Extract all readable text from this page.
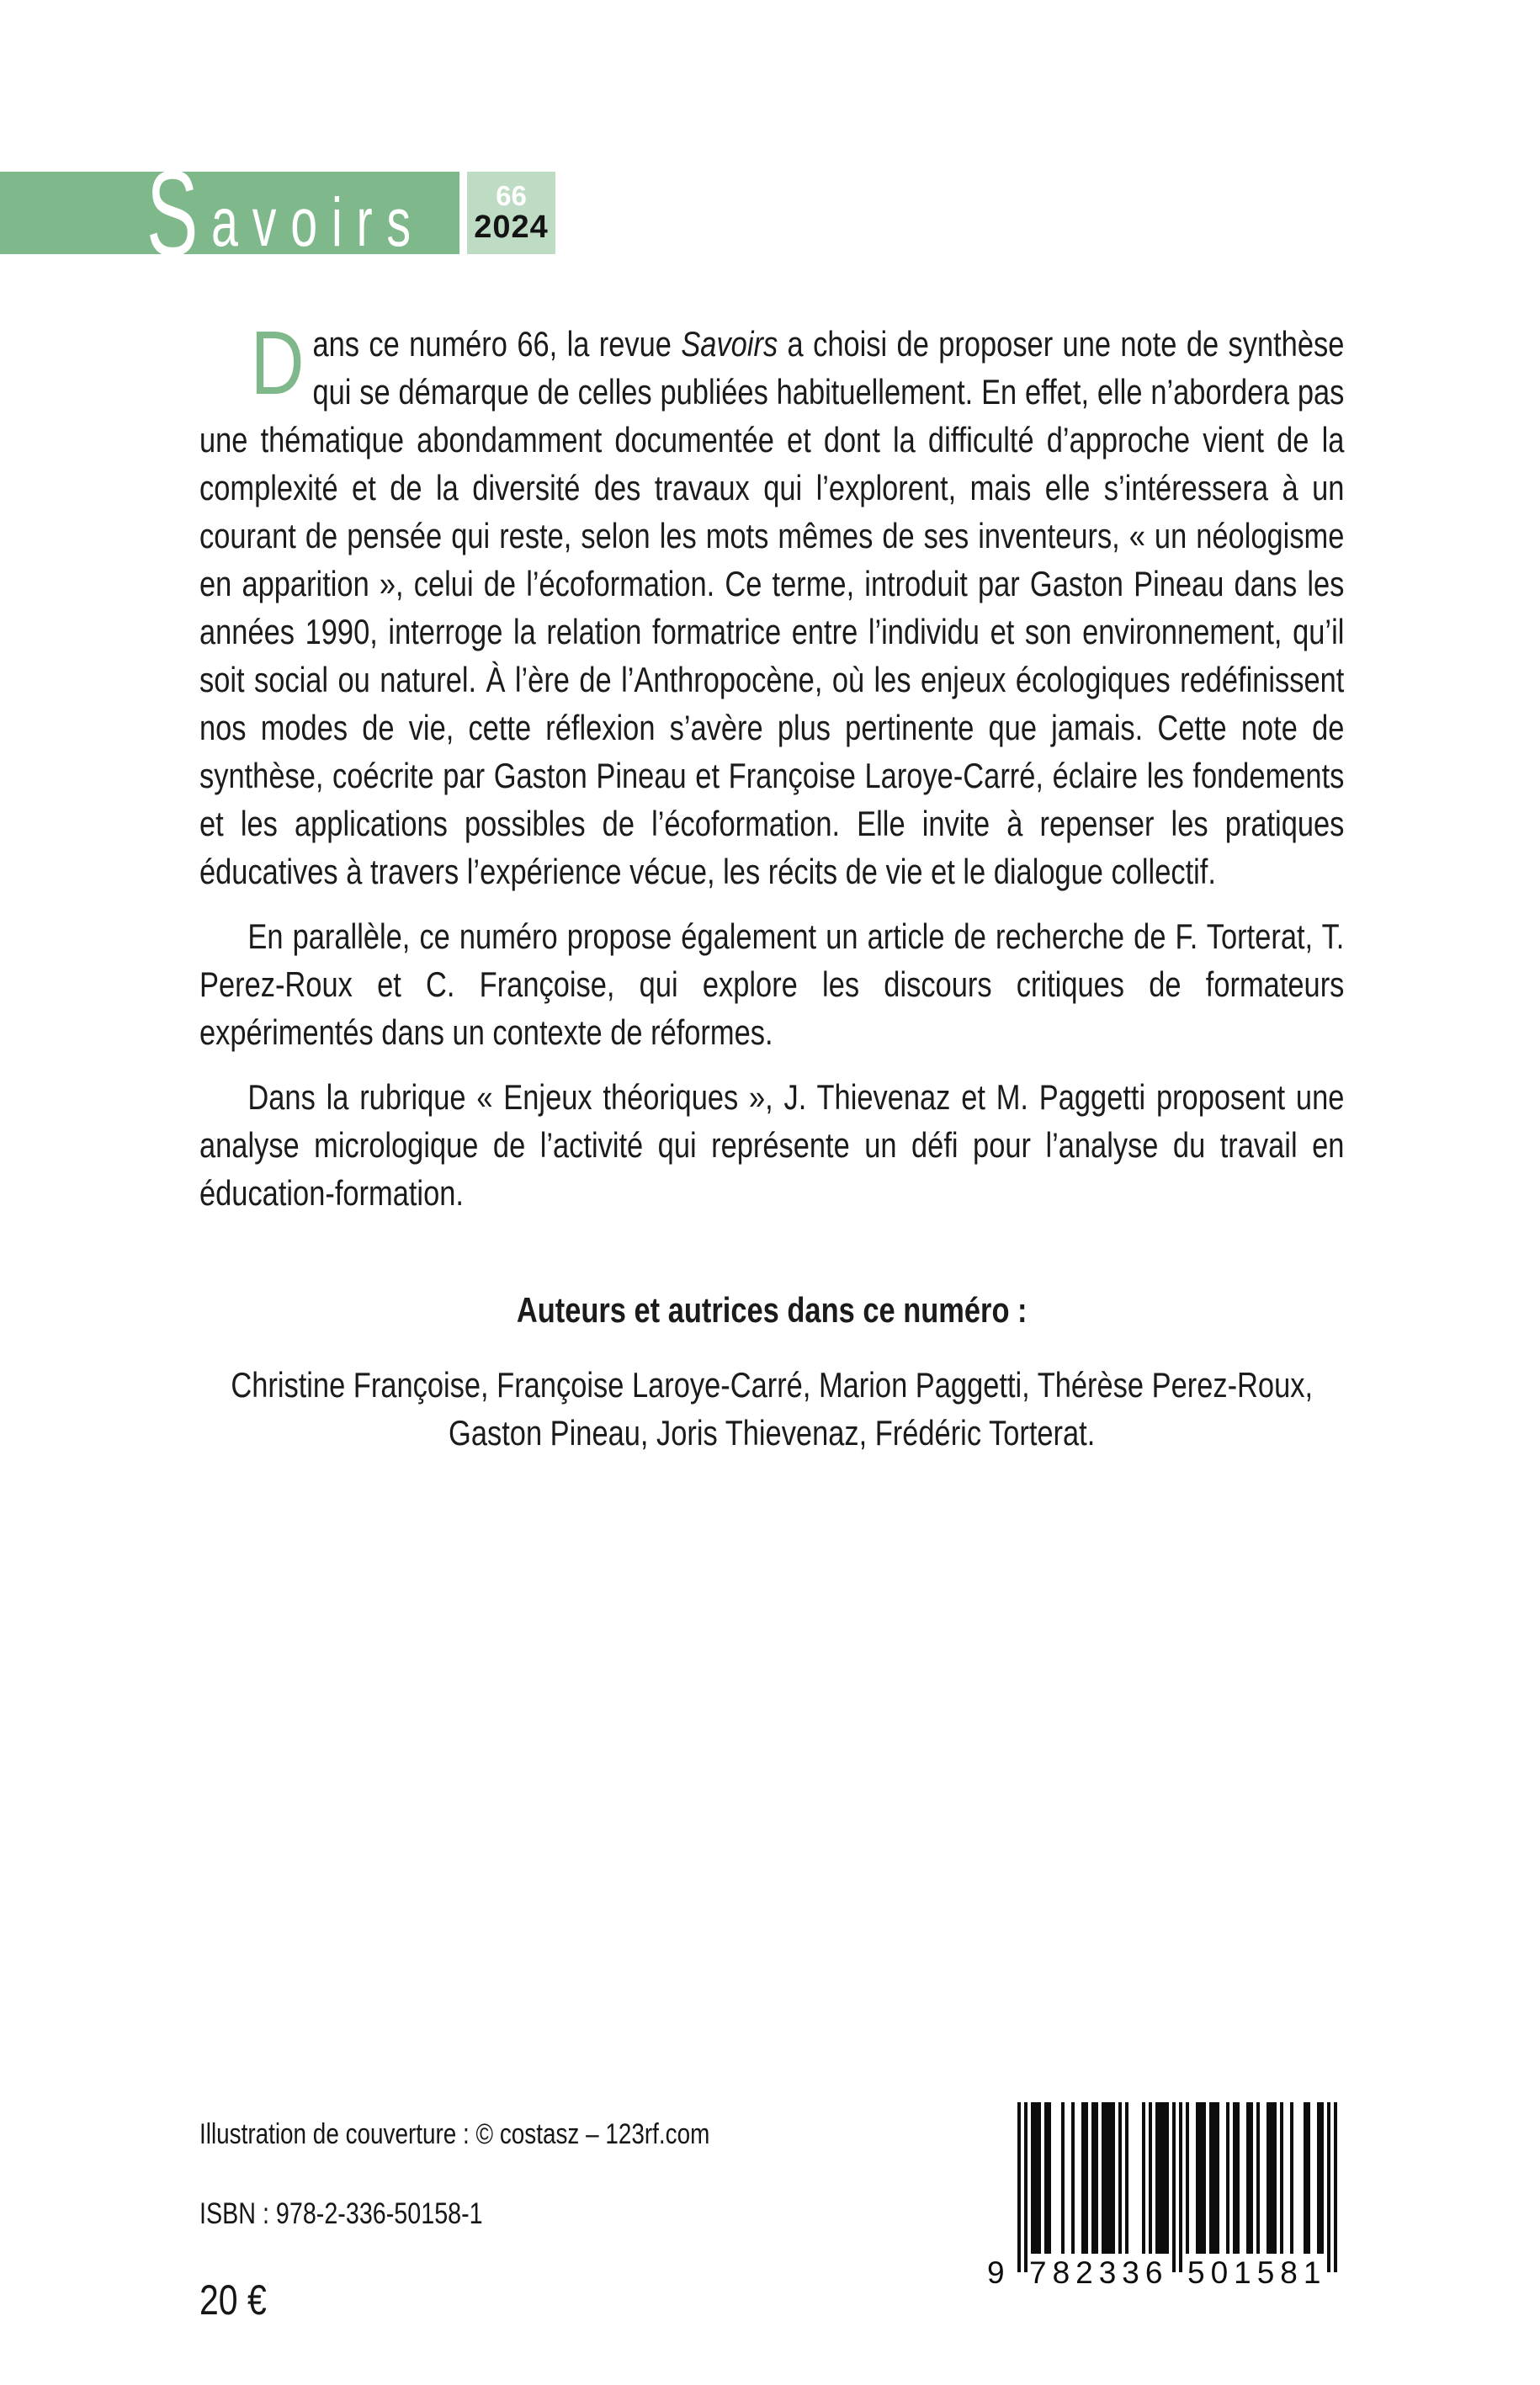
S avoirs	66
2024

Dans ce numéro 66, la revue Savoirs a choisi de proposer une note de synthèse qui se démarque de celles publiées habituellement. En effet, elle n’abordera pas une thématique abondamment documentée et dont la difficulté d’approche vient de la complexité et de la diversité des travaux qui l’explorent, mais elle s’intéressera à un courant de pensée qui reste, selon les mots mêmes de ses inventeurs, « un néologisme en apparition », celui de l’écoformation. Ce terme, introduit par Gaston Pineau dans les années 1990, interroge la relation formatrice entre l’individu et son environnement, qu’il soit social ou naturel. À l’ère de l’Anthropocène, où les enjeux écologiques redéfinissent nos modes de vie, cette réflexion s’avère plus pertinente que jamais. Cette note de synthèse, coécrite par Gaston Pineau et Françoise Laroye-Carré, éclaire les fondements et les applications possibles de l’écoformation. Elle invite à repenser les pratiques éducatives à travers l’expérience vécue, les récits de vie et le dialogue collectif.

En parallèle, ce numéro propose également un article de recherche de F. Torterat, T. Perez-Roux et C. Françoise, qui explore les discours critiques de formateurs expérimentés dans un contexte de réformes.

Dans la rubrique « Enjeux théoriques », J. Thievenaz et M. Paggetti proposent une analyse micrologique de l’activité qui représente un défi pour l’analyse du travail en éducation-formation.

Auteurs et autrices dans ce numéro :

Christine Françoise, Françoise Laroye-Carré, Marion Paggetti, Thérèse Perez-Roux, Gaston Pineau, Joris Thievenaz, Frédéric Torterat.

Illustration de couverture : © costasz – 123rf.com
ISBN : 978-2-336-50158-1
20 €
9 782336 501581
